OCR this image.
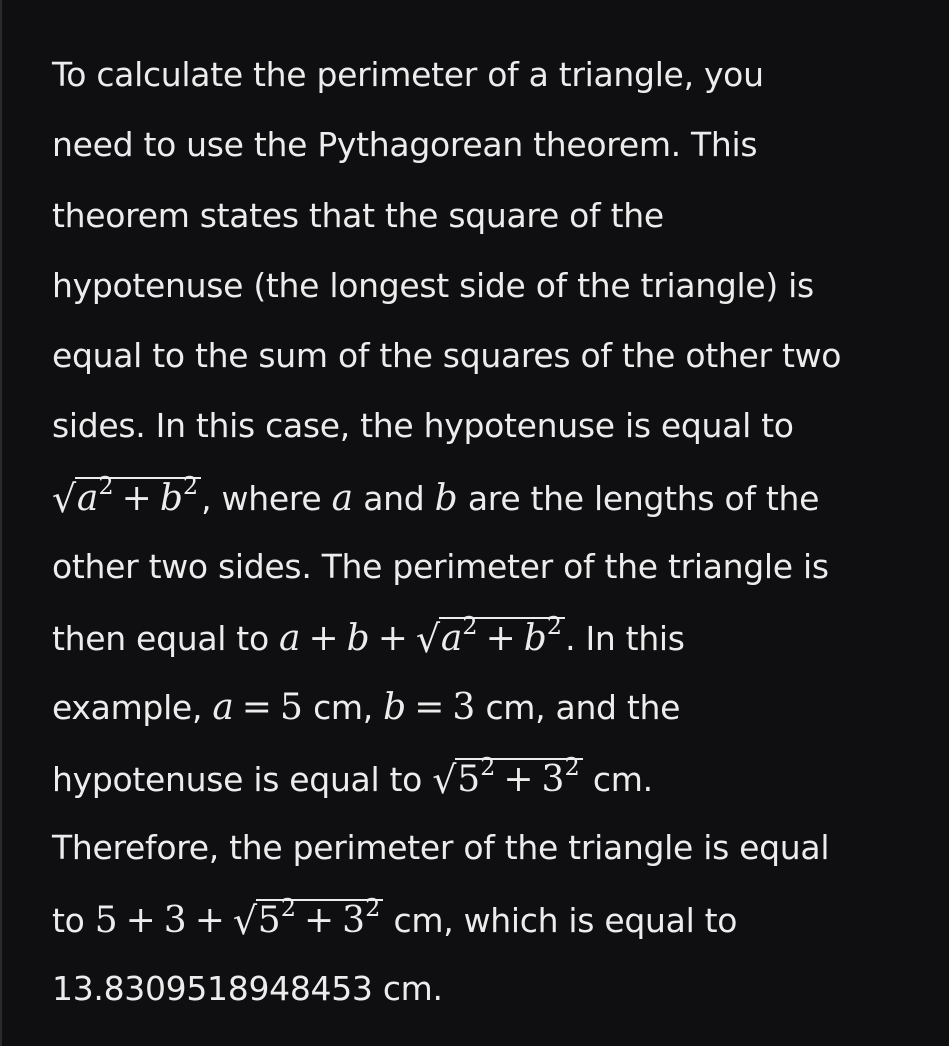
To calculate the perimeter of a triangle, you
need to use the Pythagorean theorem. This
theorem states that the square of the
hypotenuse (the longest side of the triangle) is
equal to the sum of the squares of the other two
sides. In this case, the hypotenuse is equal to
$√a^2 + b^2$, where a and b are the lengths of the
other two sides. The perimeter of the triangle is
then equal to $a + b + √a^2 + b^2$. In this
example, a = 5 cm, b = 3 cm, and the
hypotenuse is equal to $√5^2 + 3^2$ cm.
Therefore, the perimeter of the triangle is equal
to $5 + 3 + √5^2 + 3^2$ cm, which is equal to
13.8309518948453 cm.
